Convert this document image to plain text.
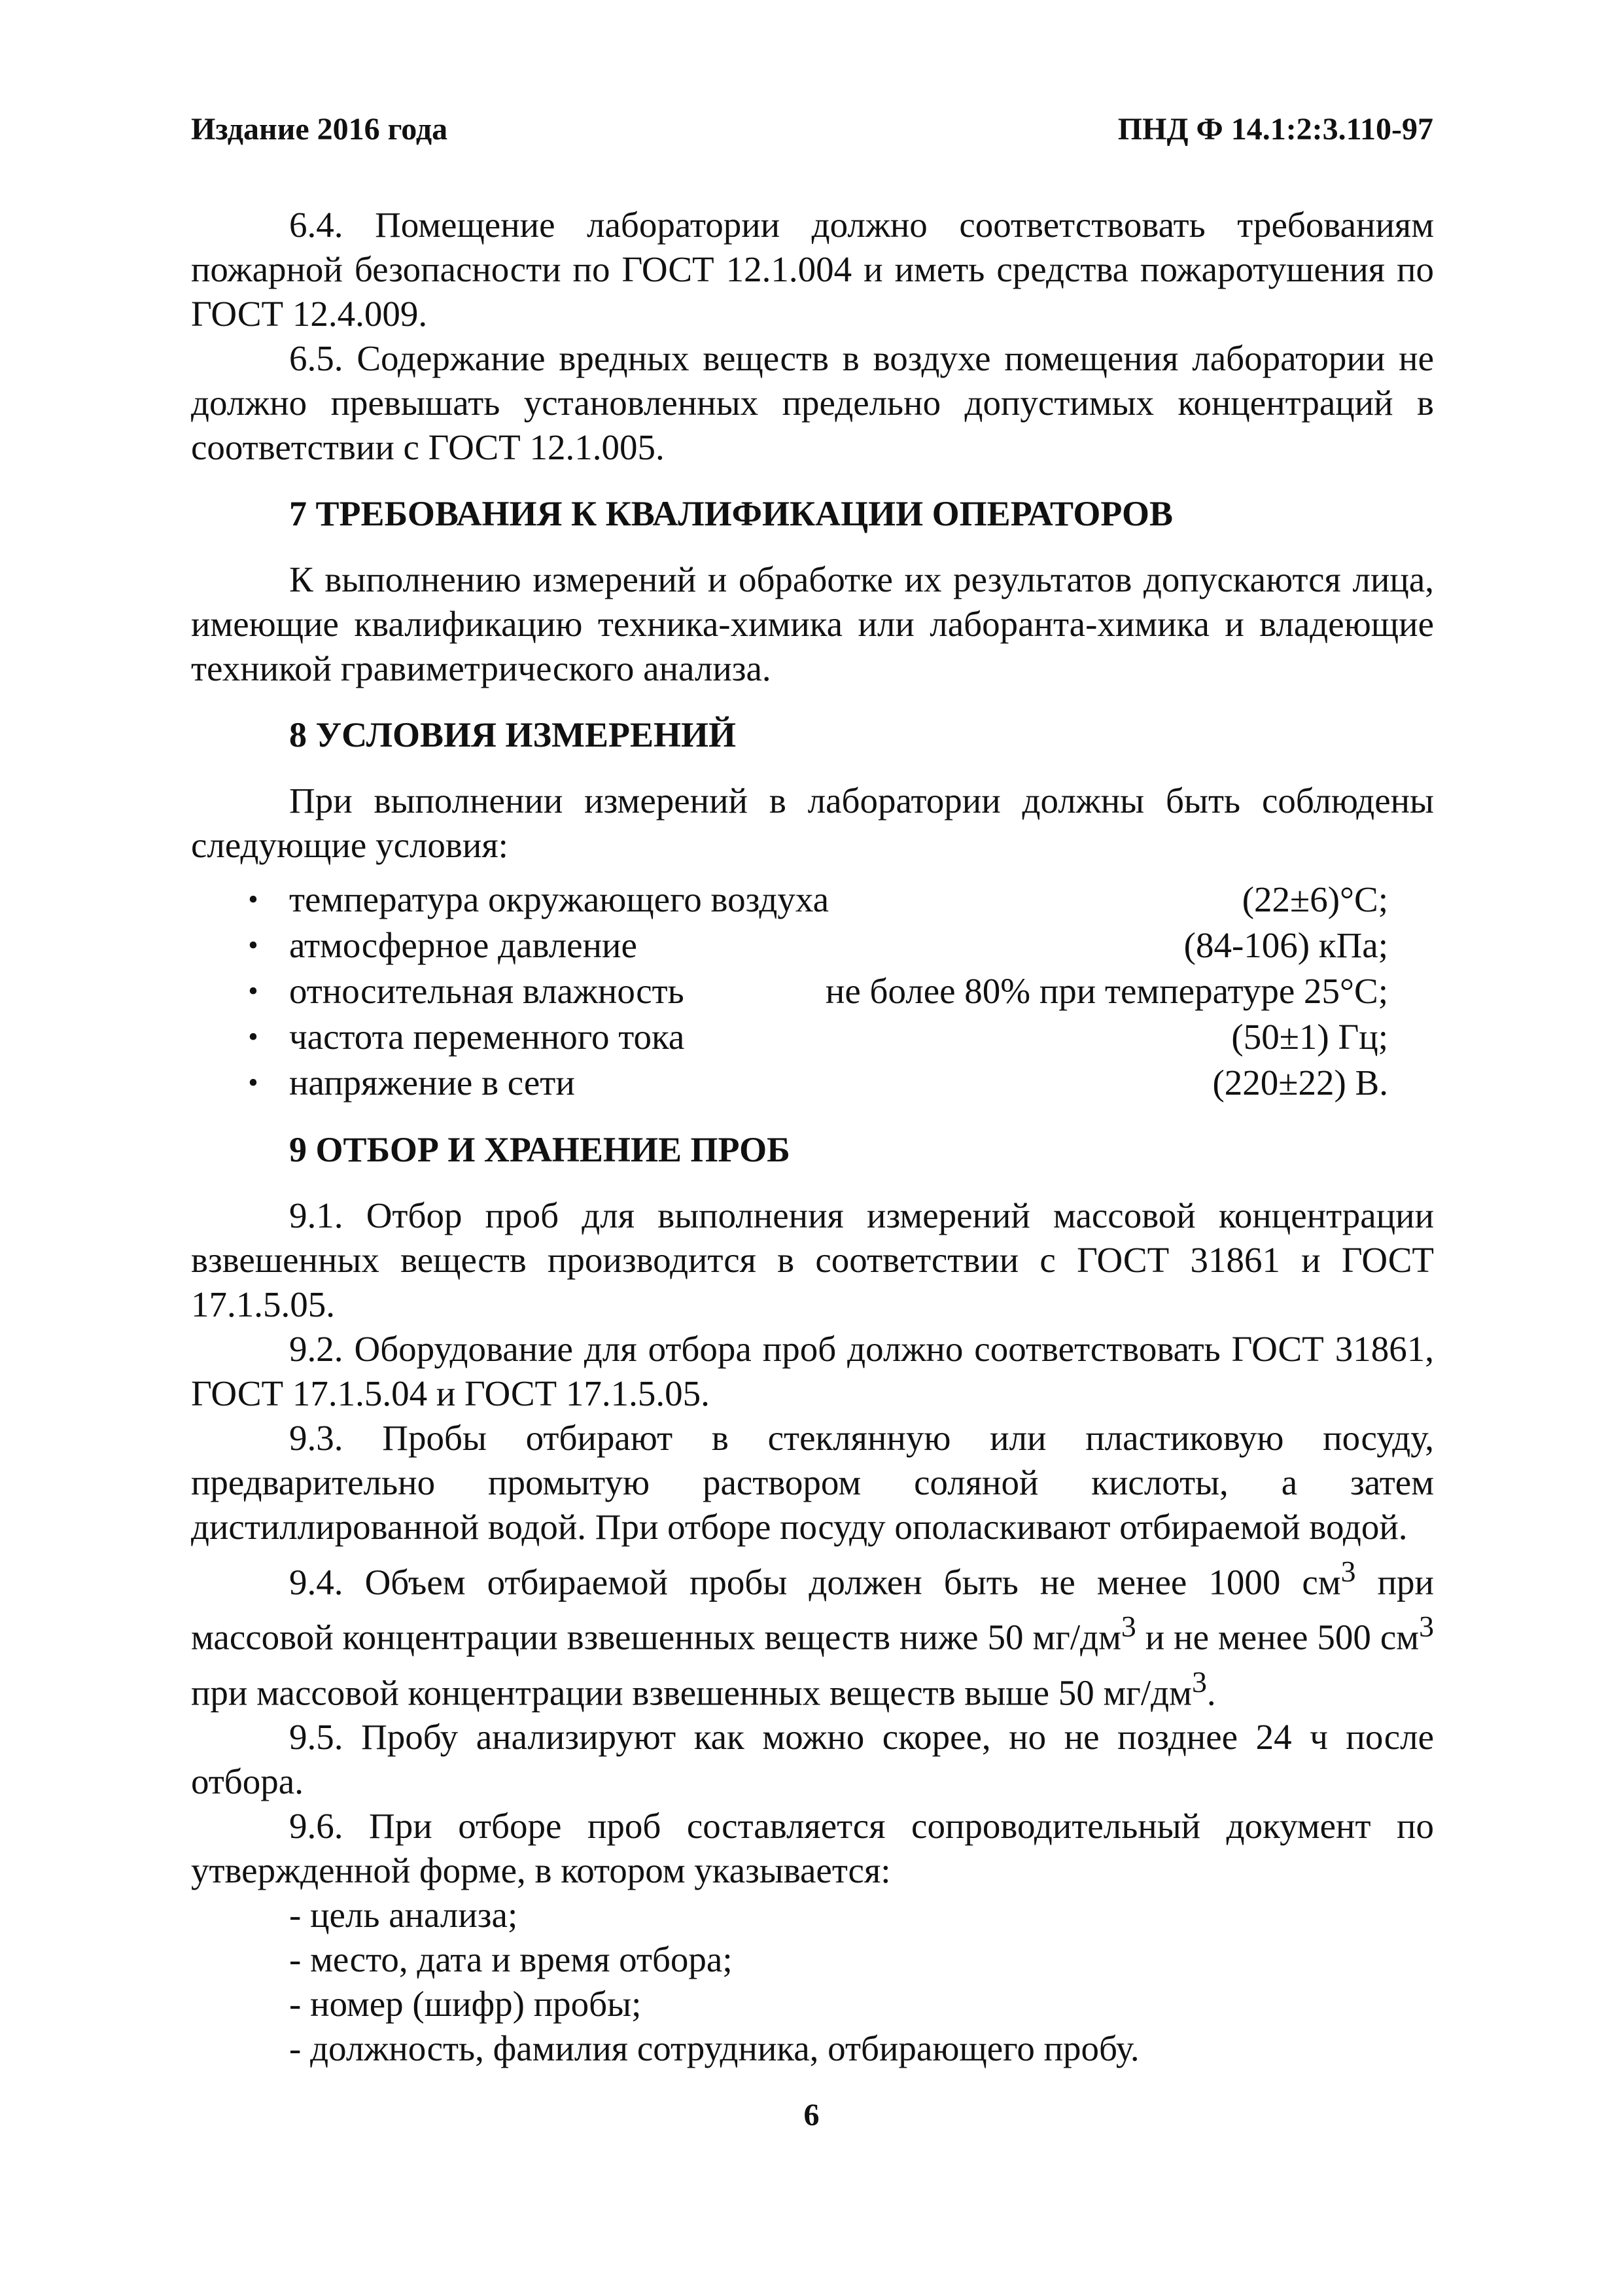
Издание 2016 года	ПНД Ф 14.1:2:3.110-97

6.4. Помещение лаборатории должно соответствовать требованиям пожарной безопасности по ГОСТ 12.1.004 и иметь средства пожаротушения по ГОСТ 12.4.009.

6.5. Содержание вредных веществ в воздухе помещения лаборатории не должно превышать установленных предельно допустимых концентраций в соответствии с ГОСТ 12.1.005.

7 ТРЕБОВАНИЯ К КВАЛИФИКАЦИИ ОПЕРАТОРОВ

К выполнению измерений и обработке их результатов допускаются лица, имеющие квалификацию техника-химика или лаборанта-химика и владеющие техникой гравиметрического анализа.

8 УСЛОВИЯ ИЗМЕРЕНИЙ

При выполнении измерений в лаборатории должны быть соблюдены следующие условия:

• температура окружающего воздуха	(22±6)°С;
• атмосферное давление	(84-106) кПа;
• относительная влажность	не более 80% при температуре 25°С;
• частота переменного тока	(50±1) Гц;
• напряжение в сети	(220±22) В.
9 ОТБОР И ХРАНЕНИЕ ПРОБ

9.1. Отбор проб для выполнения измерений массовой концентрации взвешенных веществ производится в соответствии с ГОСТ 31861 и ГОСТ 17.1.5.05.

9.2. Оборудование для отбора проб должно соответствовать ГОСТ 31861, ГОСТ 17.1.5.04 и ГОСТ 17.1.5.05.

9.3. Пробы отбирают в стеклянную или пластиковую посуду, предварительно промытую раствором соляной кислоты, а затем дистиллированной водой. При отборе посуду ополаскивают отбираемой водой.

9.4. Объем отбираемой пробы должен быть не менее 1000 $см^3$ при массовой концентрации взвешенных веществ ниже 50 $мг/дм^3$ и не менее 500 $см^3$ при массовой концентрации взвешенных веществ выше 50 $мг/дм^3$.

9.5. Пробу анализируют как можно скорее, но не позднее 24 ч после отбора.

9.6. При отборе проб составляется сопроводительный документ по утвержденной форме, в котором указывается:

- цель анализа;
- место, дата и время отбора;
- номер (шифр) пробы;
- должность, фамилия сотрудника, отбирающего пробу.
6
